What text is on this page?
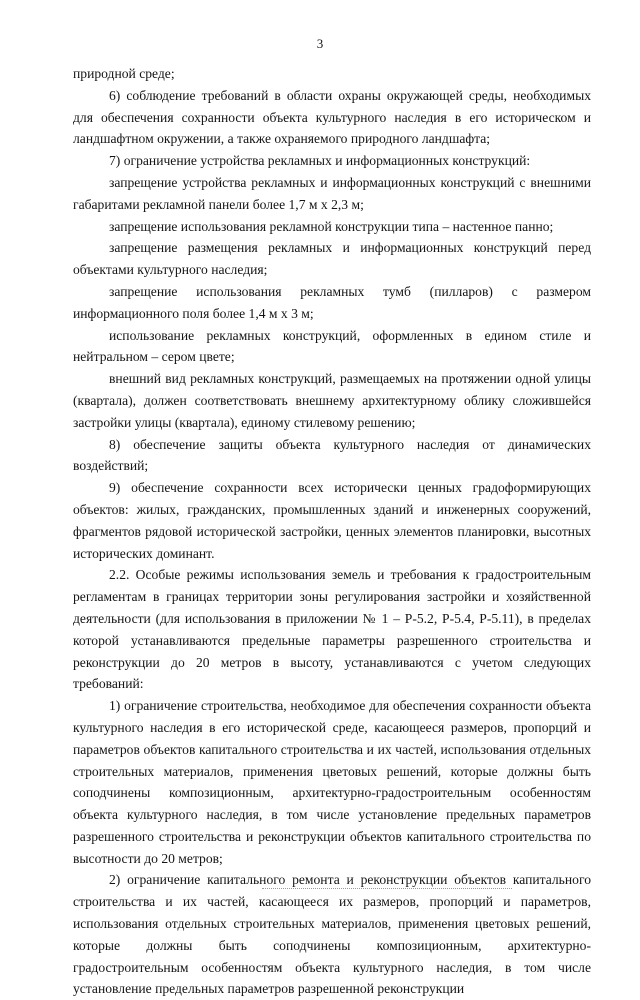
3

природной среде;

6) соблюдение требований в области охраны окружающей среды, необходимых для обеспечения сохранности объекта культурного наследия в его историческом и ландшафтном окружении, а также охраняемого природного ландшафта;

7) ограничение устройства рекламных и информационных конструкций:

запрещение устройства рекламных и информационных конструкций с внешними габаритами рекламной панели более 1,7 м х 2,3 м;

запрещение использования рекламной конструкции типа – настенное панно;

запрещение размещения рекламных и информационных конструкций перед объектами культурного наследия;

запрещение использования рекламных тумб (пилларов) с размером информационного поля более 1,4 м х 3 м;

использование рекламных конструкций, оформленных в едином стиле и нейтральном – сером цвете;

внешний вид рекламных конструкций, размещаемых на протяжении одной улицы (квартала), должен соответствовать внешнему архитектурному облику сложившейся застройки улицы (квартала), единому стилевому решению;

8) обеспечение защиты объекта культурного наследия от динамических воздействий;

9) обеспечение сохранности всех исторически ценных градоформирующих объектов: жилых, гражданских, промышленных зданий и инженерных сооружений, фрагментов рядовой исторической застройки, ценных элементов планировки, высотных исторических доминант.

2.2. Особые режимы использования земель и требования к градостроительным регламентам в границах территории зоны регулирования застройки и хозяйственной деятельности (для использования в приложении № 1 – Р-5.2, Р-5.4, Р-5.11), в пределах которой устанавливаются предельные параметры разрешенного строительства и реконструкции до 20 метров в высоту, устанавливаются с учетом следующих требований:

1) ограничение строительства, необходимое для обеспечения сохранности объекта культурного наследия в его исторической среде, касающееся размеров, пропорций и параметров объектов капитального строительства и их частей, использования отдельных строительных материалов, применения цветовых решений, которые должны быть соподчинены композиционным, архитектурно-градостроительным особенностям объекта культурного наследия, в том числе установление предельных параметров разрешенного строительства и реконструкции объектов капитального строительства по высотности до 20 метров;

2) ограничение капитального ремонта и реконструкции объектов капитального строительства и их частей, касающееся их размеров, пропорций и параметров, использования отдельных строительных материалов, применения цветовых решений, которые должны быть соподчинены композиционным, архитектурно-градостроительным особенностям объекта культурного наследия, в том числе установление предельных параметров разрешенной реконструкции
